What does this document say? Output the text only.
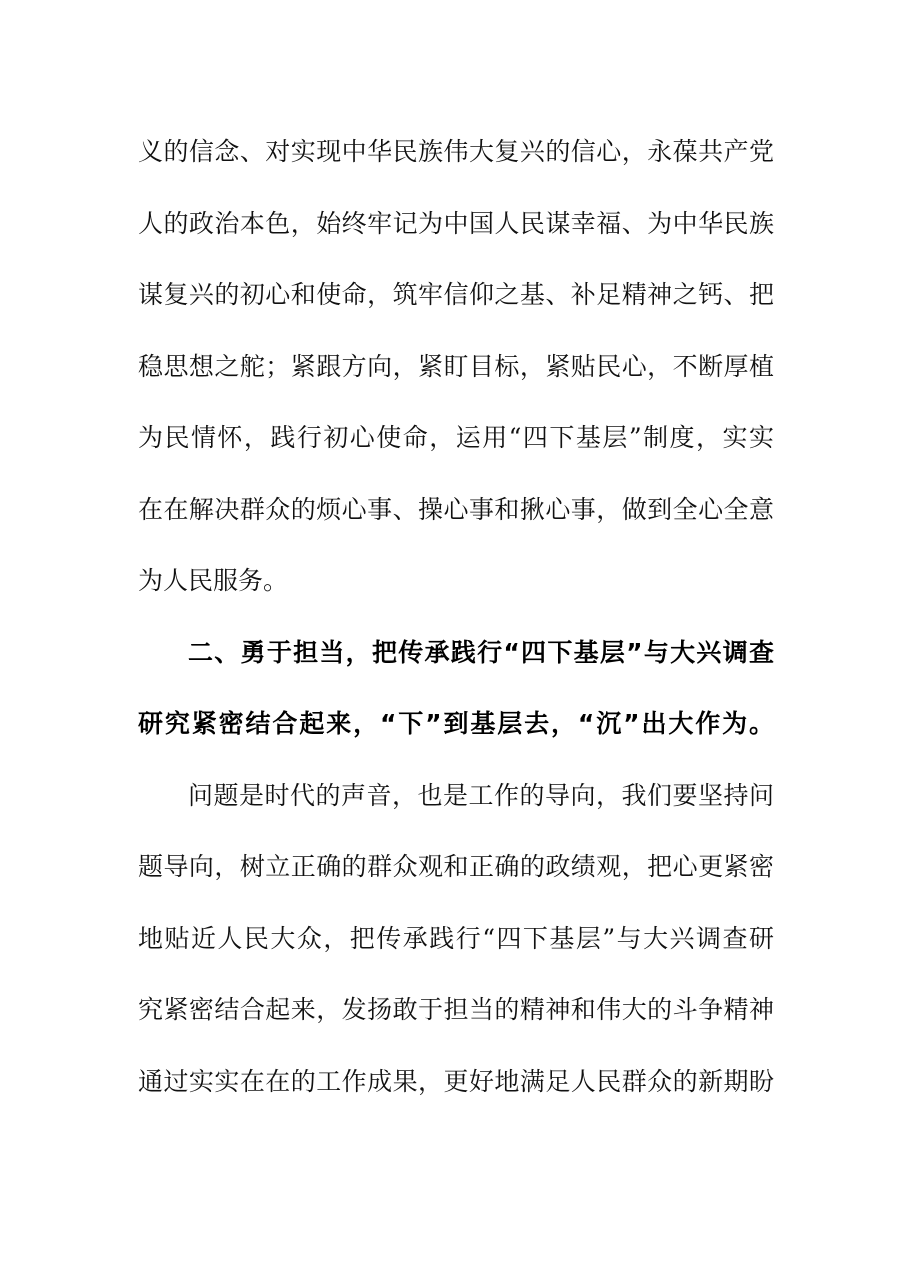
义的信念、对实现中华民族伟大复兴的信心，永葆共产党
人的政治本色，始终牢记为中国人民谋幸福、为中华民族
谋复兴的初心和使命，筑牢信仰之基、补足精神之钙、把
稳思想之舵；紧跟方向，紧盯目标，紧贴民心，不断厚植
为民情怀，践行初心使命，运用“四下基层”制度，实实
在在解决群众的烦心事、操心事和揪心事，做到全心全意
为人民服务。
二、勇于担当，把传承践行“四下基层”与大兴调查
研究紧密结合起来，“下”到基层去，“沉”出大作为。
问题是时代的声音，也是工作的导向，我们要坚持问
题导向，树立正确的群众观和正确的政绩观，把心更紧密
地贴近人民大众，把传承践行“四下基层”与大兴调查研
究紧密结合起来，发扬敢于担当的精神和伟大的斗争精神
通过实实在在的工作成果，更好地满足人民群众的新期盼
